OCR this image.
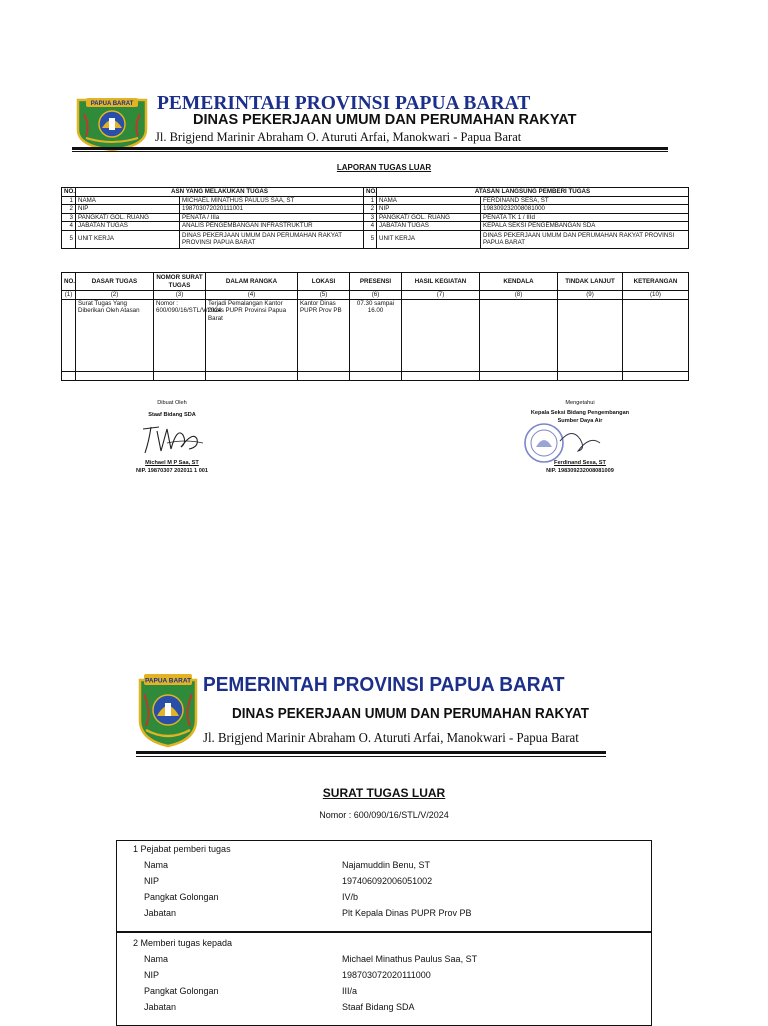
PAPUA BARAT PEMERINTAH PROVINSI PAPUA BARAT
DINAS PEKERJAAN UMUM DAN PERUMAHAN RAKYAT
Jl. Brigjend Marinir Abraham O. Aturuti Arfai, Manokwari - Papua Barat
LAPORAN TUGAS LUAR
NO.	ASN YANG MELAKUKAN TUGAS		NO.	ATASAN LANGSUNG PEMBERI TUGAS	
1	NAMA	MICHAEL MINATHUS PAULUS SAA, ST	1	NAMA	FERDINAND SESA, ST
2	NIP	198703072020111001	2	NIP	198309232008081000
3	PANGKAT/ GOL. RUANG	PENATA / IIIa	3	PANGKAT/ GOL. RUANG	PENATA TK 1 / IIId
4	JABATAN TUGAS	ANALIS PENGEMBANGAN INFRASTRUKTUR	4	JABATAN TUGAS	KEPALA SEKSI PENGEMBANGAN SDA
5	UNIT KERJA	DINAS PEKERJAAN UMUM DAN PERUMAHAN RAKYAT PROVINSI PAPUA BARAT	5	UNIT KERJA	DINAS PEKERJAAN UMUM DAN PERUMAHAN RAKYAT PROVINSI PAPUA BARAT
NO.	DASAR TUGAS	NOMOR SURAT TUGAS	DALAM RANGKA	LOKASI	PRESENSI	HASIL KEGIATAN	KENDALA	TINDAK LANJUT	KETERANGAN
(1)	(2)	(3)	(4)	(5)	(6)	(7)	(8)	(9)	(10)
	Surat Tugas Yang Diberikan Oleh Atasan	Nomor : 600/090/16/STL/V/2024	Terjadi Pemalangan Kantor Dinas PUPR Provinsi Papua Barat	Kantor Dinas PUPR Prov PB	07.30 sampai 16.00				

Dibuat Oleh
Staaf Bidang SDA
Michael M P Saa, ST
NIP. 19870307 202011 1 001
Mengetahui
Kepala Seksi Bidang Pengembangan
Sumber Daya Air
Ferdinand Sesa, ST
NIP. 198309232008081009
PAPUA BARAT PEMERINTAH PROVINSI PAPUA BARAT
DINAS PEKERJAAN UMUM DAN PERUMAHAN RAKYAT
Jl. Brigjend Marinir Abraham O. Aturuti Arfai, Manokwari - Papua Barat
SURAT TUGAS LUAR
Nomor : 600/090/16/STL/V/2024
1 Pejabat pemberi tugas
Nama	Najamuddin Benu, ST
NIP	197406092006051002
Pangkat Golongan	IV/b
Jabatan	Plt Kepala Dinas PUPR Prov PB
2 Memberi tugas kepada
Nama	Michael Minathus Paulus Saa, ST
NIP	198703072020111000
Pangkat Golongan	III/a
Jabatan	Staaf Bidang SDA
